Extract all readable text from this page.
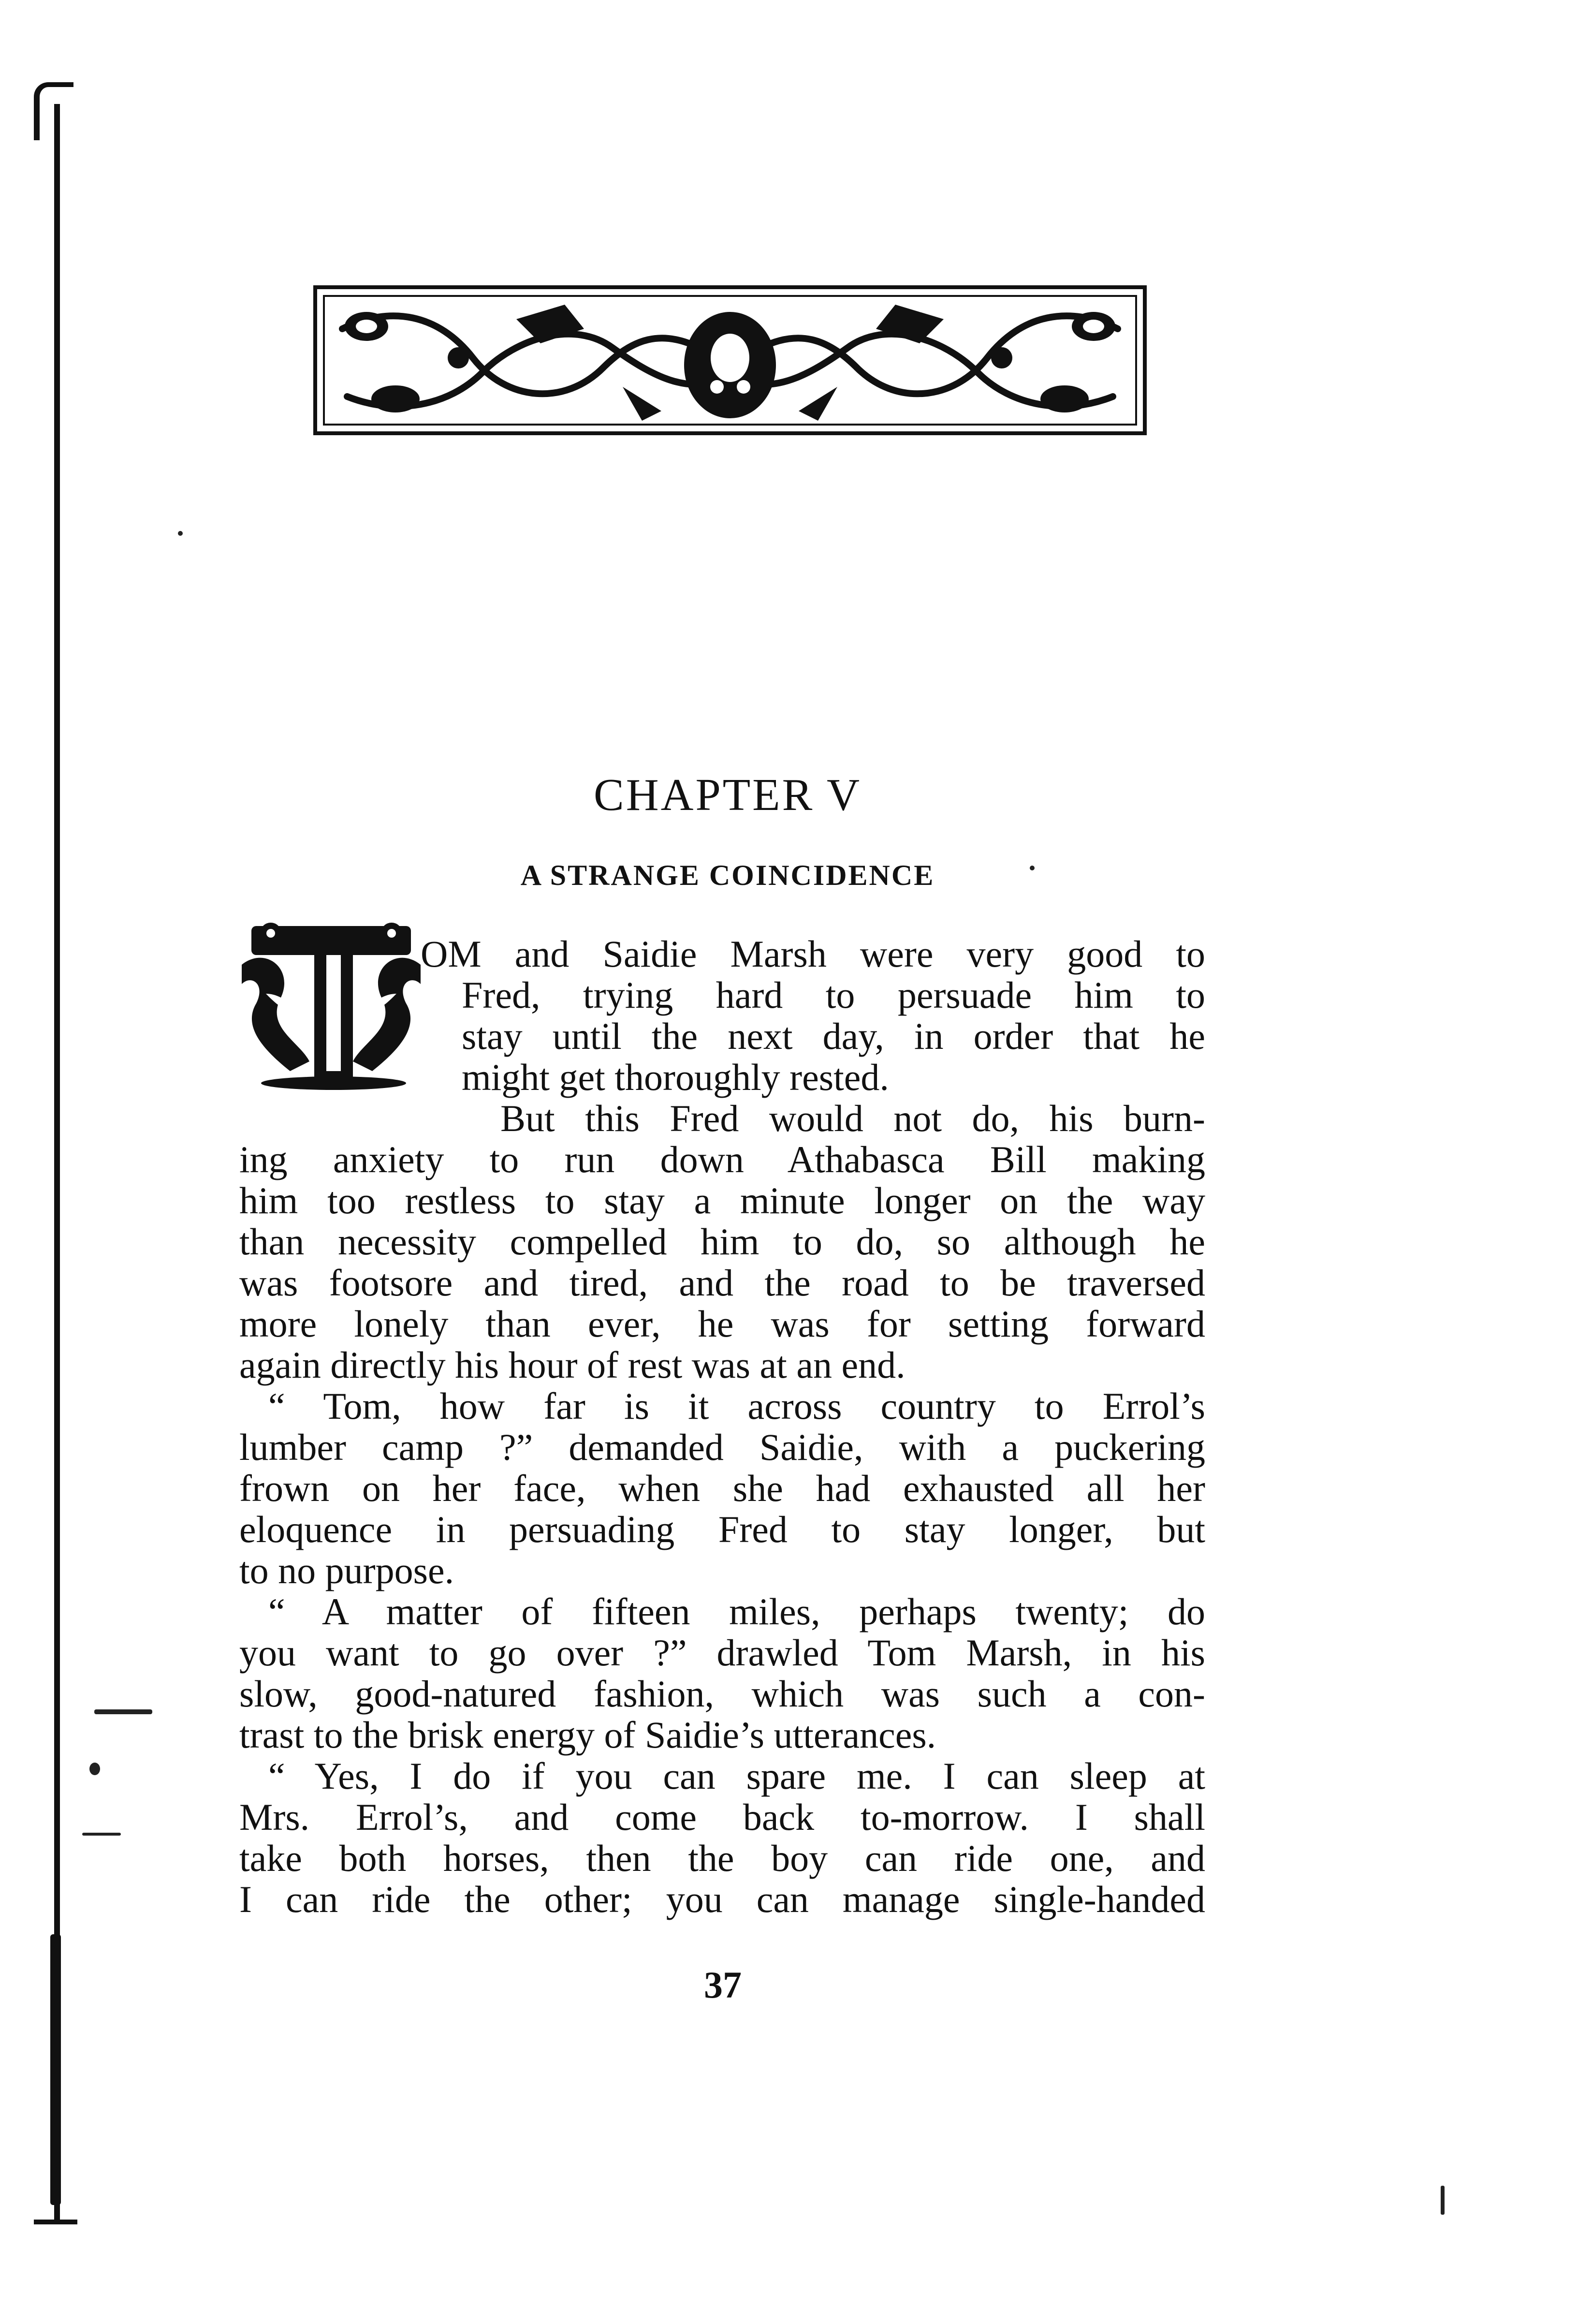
CHAPTER V
A STRANGE COINCIDENCE
OM and Saidie Marsh were very good to
Fred, trying hard to persuade him to
stay until the next day, in order that he
might get thoroughly rested.
But this Fred would not do, his burn-
ing anxiety to run down Athabasca Bill making
him too restless to stay a minute longer on the way
than necessity compelled him to do, so although he
was footsore and tired, and the road to be traversed
more lonely than ever, he was for setting forward
again directly his hour of rest was at an end.
“ Tom, how far is it across country to Errol’s
lumber camp ?” demanded Saidie, with a puckering
frown on her face, when she had exhausted all her
eloquence in persuading Fred to stay longer, but
to no purpose.
“ A matter of fifteen miles, perhaps twenty; do
you want to go over ?” drawled Tom Marsh, in his
slow, good-natured fashion, which was such a con-
trast to the brisk energy of Saidie’s utterances.
“ Yes, I do if you can spare me. I can sleep at
Mrs. Errol’s, and come back to-morrow. I shall
take both horses, then the boy can ride one, and
I can ride the other; you can manage single-handed
37
